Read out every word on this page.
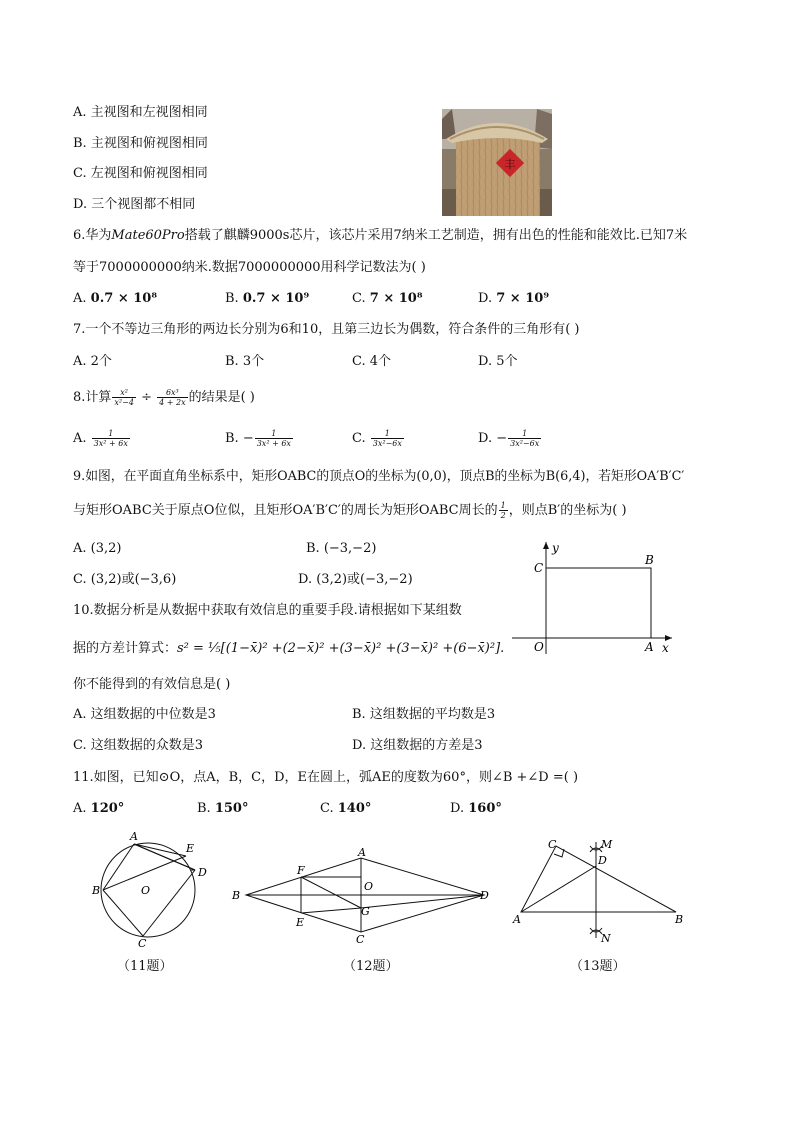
A. 主视图和左视图相同
B. 主视图和俯视图相同
C. 左视图和俯视图相同
D. 三个视图都不相同
丰
6.华为Mate60Pro搭载了麒麟9000s芯片，该芯片采用7纳米工艺制造，拥有出色的性能和能效比.已知7米
等于7000000000纳米.数据7000000000用科学记数法为( )
A. 0.7 × 10⁸	B. 0.7 × 10⁹	C. 7 × 10⁸	D. 7 × 10⁹
7.一个不等边三角形的两边长分别为6和10，且第三边长为偶数，符合条件的三角形有( )
A. 2个	B. 3个	C. 4个	D. 5个
8.计算 $\frac{\text{x²}}{\text{x²−4}} \div \frac{\text{6x³}}{4 + 2x}$ 的结果是( )
A. $\frac{1}{\text{3x² + 6x}}$	B. − $\frac{1}{\text{3x² + 6x}}$	C. $\frac{1}{\text{3x²−6x}}$	D. − $\frac{1}{\text{3x²−6x}}$
9.如图，在平面直角坐标系中，矩形OABC的顶点O的坐标为(0,0)，顶点B的坐标为B(6,4)，若矩形OA′B′C′
与矩形OABC关于原点O位似，且矩形OA′B′C′的周长为矩形OABC周长的 $\frac{1}{2}$ ，则点B′的坐标为( )
A. (3,2)	B. (−3,−2)
C. (3,2)或(−3,6)	D. (3,2)或(−3,−2)
y
x
O	A
B
C
10.数据分析是从数据中获取有效信息的重要手段.请根据如下某组数
据的方差计算式：s² = ⅕[(1−x̄)² +(2−x̄)² +(3−x̄)² +(3−x̄)² +(6−x̄)²].
你不能得到的有效信息是( )
A. 这组数据的中位数是3	B. 这组数据的平均数是3
C. 这组数据的众数是3	D. 这组数据的方差是3
11.如图，已知⊙O，点A，B，C，D，E在圆上，弧AE的度数为60°，则∠B +∠D =( )
A. 120°	B. 150°	C. 140°	D. 160°
A
E
D
B
C
O
（11题）
A
F
O
B	D
G
E
C
（12题）
C	M
D
A	B
N
（13题）
